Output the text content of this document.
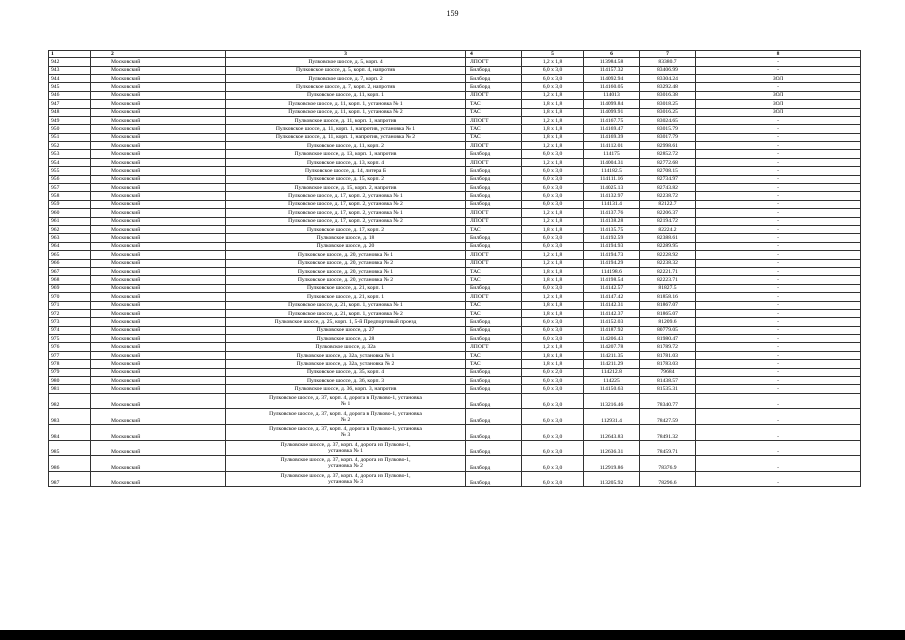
159
1	2	3	4	5	6	7	8
942	Московский	Пулковское шоссе, д. 5, корп. 4	ЛПОГТ	1,2 x 1,8	113984.58	83380.7	-
943	Московский	Пулковское шоссе, д. 5, корп. 4, напротив	Билборд	6,0 x 3,0	114157.32	83406.99	-
944	Московский	Пулковское шоссе, д. 7, корп. 2	Билборд	6,0 x 3,0	114092.94	83304.24	ЗОЛ
945	Московский	Пулковское шоссе, д. 7, корп. 2, напротив	Билборд	6,0 x 3,0	114160.05	83292.48	-
946	Московский	Пулковское шоссе, д. 11, корп. 1	ЛПОГТ	1,2 x 1,8	114013	83016.38	ЗОЛ
947	Московский	Пулковское шоссе, д. 11, корп. 1, установка № 1	ТАС	1,8 x 1,8	114099.84	83018.25	ЗОЛ
948	Московский	Пулковское шоссе, д. 11, корп. 1, установка № 2	ТАС	1,8 x 1,8	114099.91	83016.25	ЗОЛ
949	Московский	Пулковское шоссе, д. 11, корп. 1, напротив	ЛПОГТ	1,2 x 1,8	114167.75	83024.65	-
950	Московский	Пулковское шоссе, д. 11, корп. 1, напротив, установка № 1	ТАС	1,8 x 1,8	114169.47	83015.79	-
951	Московский	Пулковское шоссе, д. 11, корп. 1, напротив, установка № 2	ТАС	1,8 x 1,8	114169.39	83017.79	-
952	Московский	Пулковское шоссе, д. 11, корп. 2	ЛПОГТ	1,2 x 1,8	114112.01	82998.61	-
953	Московский	Пулковское шоссе, д. 13, корп. 1, напротив	Билборд	6,0 x 3,0	114175	82852.72	-
954	Московский	Пулковское шоссе, д. 13, корп. 4	ЛПОГТ	1,2 x 1,8	114004.31	82772.68	-
955	Московский	Пулковское шоссе, д. 14, литера Б	Билборд	6,0 x 3,0	114182.5	82708.15	-
956	Московский	Пулковское шоссе, д. 15, корп. 2	Билборд	6,0 x 3,0	114111.16	82734.97	-
957	Московский	Пулковское шоссе, д. 15, корп. 2, напротив	Билборд	6,0 x 3,0	114025.13	82743.82	-
958	Московский	Пулковское шоссе, д. 17, корп. 2, установка № 1	Билборд	6,0 x 3,0	114132.97	82238.72	-
959	Московский	Пулковское шоссе, д. 17, корп. 2, установка № 2	Билборд	6,0 x 3,0	114131.4	82122.7	-
960	Московский	Пулковское шоссе, д. 17, корп. 2, установка № 1	ЛПОГТ	1,2 x 1,8	114137.76	82206.37	-
961	Московский	Пулковское шоссе, д. 17, корп. 2, установка № 2	ЛПОГТ	1,2 x 1,8	114138.28	82194.72	-
962	Московский	Пулковское шоссе, д. 17, корп. 2	ТАС	1,8 x 1,8	114135.75	82224.2	-
963	Московский	Пулковское шоссе, д. 18	Билборд	6,0 x 3,0	114192.59	82388.61	-
964	Московский	Пулковское шоссе, д. 20	Билборд	6,0 x 3,0	114194.93	82289.95	-
965	Московский	Пулковское шоссе, д. 20, установка № 1	ЛПОГТ	1,2 x 1,8	114194.73	82228.92	-
966	Московский	Пулковское шоссе, д. 20, установка № 2	ЛПОГТ	1,2 x 1,8	114194.29	82238.32	-
967	Московский	Пулковское шоссе, д. 20, установка № 1	ТАС	1,8 x 1,8	114198.6	82221.71	-
968	Московский	Пулковское шоссе, д. 20, установка № 2	ТАС	1,8 x 1,8	114198.54	82223.71	-
969	Московский	Пулковское шоссе, д. 21, корп. 1	Билборд	6,0 x 3,0	114142.57	81827.5	-
970	Московский	Пулковское шоссе, д. 21, корп. 1	ЛПОГТ	1,2 x 1,8	114147.42	81858.16	-
971	Московский	Пулковское шоссе, д. 21, корп. 1, установка № 1	ТАС	1,8 x 1,8	114142.31	81867.07	-
972	Московский	Пулковское шоссе, д. 21, корп. 1, установка № 2	ТАС	1,8 x 1,8	114142.37	81865.07	-
973	Московский	Пулковское шоссе, д. 25, корп. 1, 5-й Предпортовый проезд	Билборд	6,0 x 3,0	114152.03	81209.6	-
974	Московский	Пулковское шоссе, д. 27	Билборд	6,0 x 3,0	114187.92	80779.05	-
975	Московский	Пулковское шоссе, д. 28	Билборд	6,0 x 3,0	114206.43	81980.47	-
976	Московский	Пулковское шоссе, д. 32а	ЛПОГТ	1,2 x 1,8	114207.78	81789.72	-
977	Московский	Пулковское шоссе, д. 32а, установка № 1	ТАС	1,8 x 1,8	114211.35	81781.03	-
978	Московский	Пулковское шоссе, д. 32а, установка № 2	ТАС	1,8 x 1,8	114211.29	81783.03	-
979	Московский	Пулковское шоссе, д. 35, корп. 4	Билборд	6,0 x 2,0	114212.8	79684	-
980	Московский	Пулковское шоссе, д. 36, корп. 3	Билборд	6,0 x 3,0	114225	81438.57	-
981	Московский	Пулковское шоссе, д. 36, корп. 3, напротив	Билборд	6,0 x 3,0	114150.63	81535.31	-
982	Московский	Пулковское шоссе, д. 37, корп. 4, дорога в Пулково-1, установка
№ 1	Билборд	6,0 x 3,0	113216.46	78340.77	-
983	Московский	Пулковское шоссе, д. 37, корп. 4, дорога в Пулково-1, установка
№ 2	Билборд	6,0 x 3,0	112931.4	78427.59	-
984	Московский	Пулковское шоссе, д. 37, корп. 4, дорога в Пулково-1, установка
№ 3	Билборд	6,0 x 3,0	112643.83	78491.32	-
985	Московский	Пулковское шоссе, д. 37, корп. 4, дорога из Пулково-1,
установка № 1	Билборд	6,0 x 3,0	112636.31	78459.71	-
986	Московский	Пулковское шоссе, д. 37, корп. 4, дорога из Пулково-1,
установка № 2	Билборд	6,0 x 3,0	112919.86	78376.9	-
987	Московский	Пулковское шоссе, д. 37, корп. 4, дорога из Пулково-1,
установка № 3	Билборд	6,0 x 3,0	113205.92	78296.6	-
